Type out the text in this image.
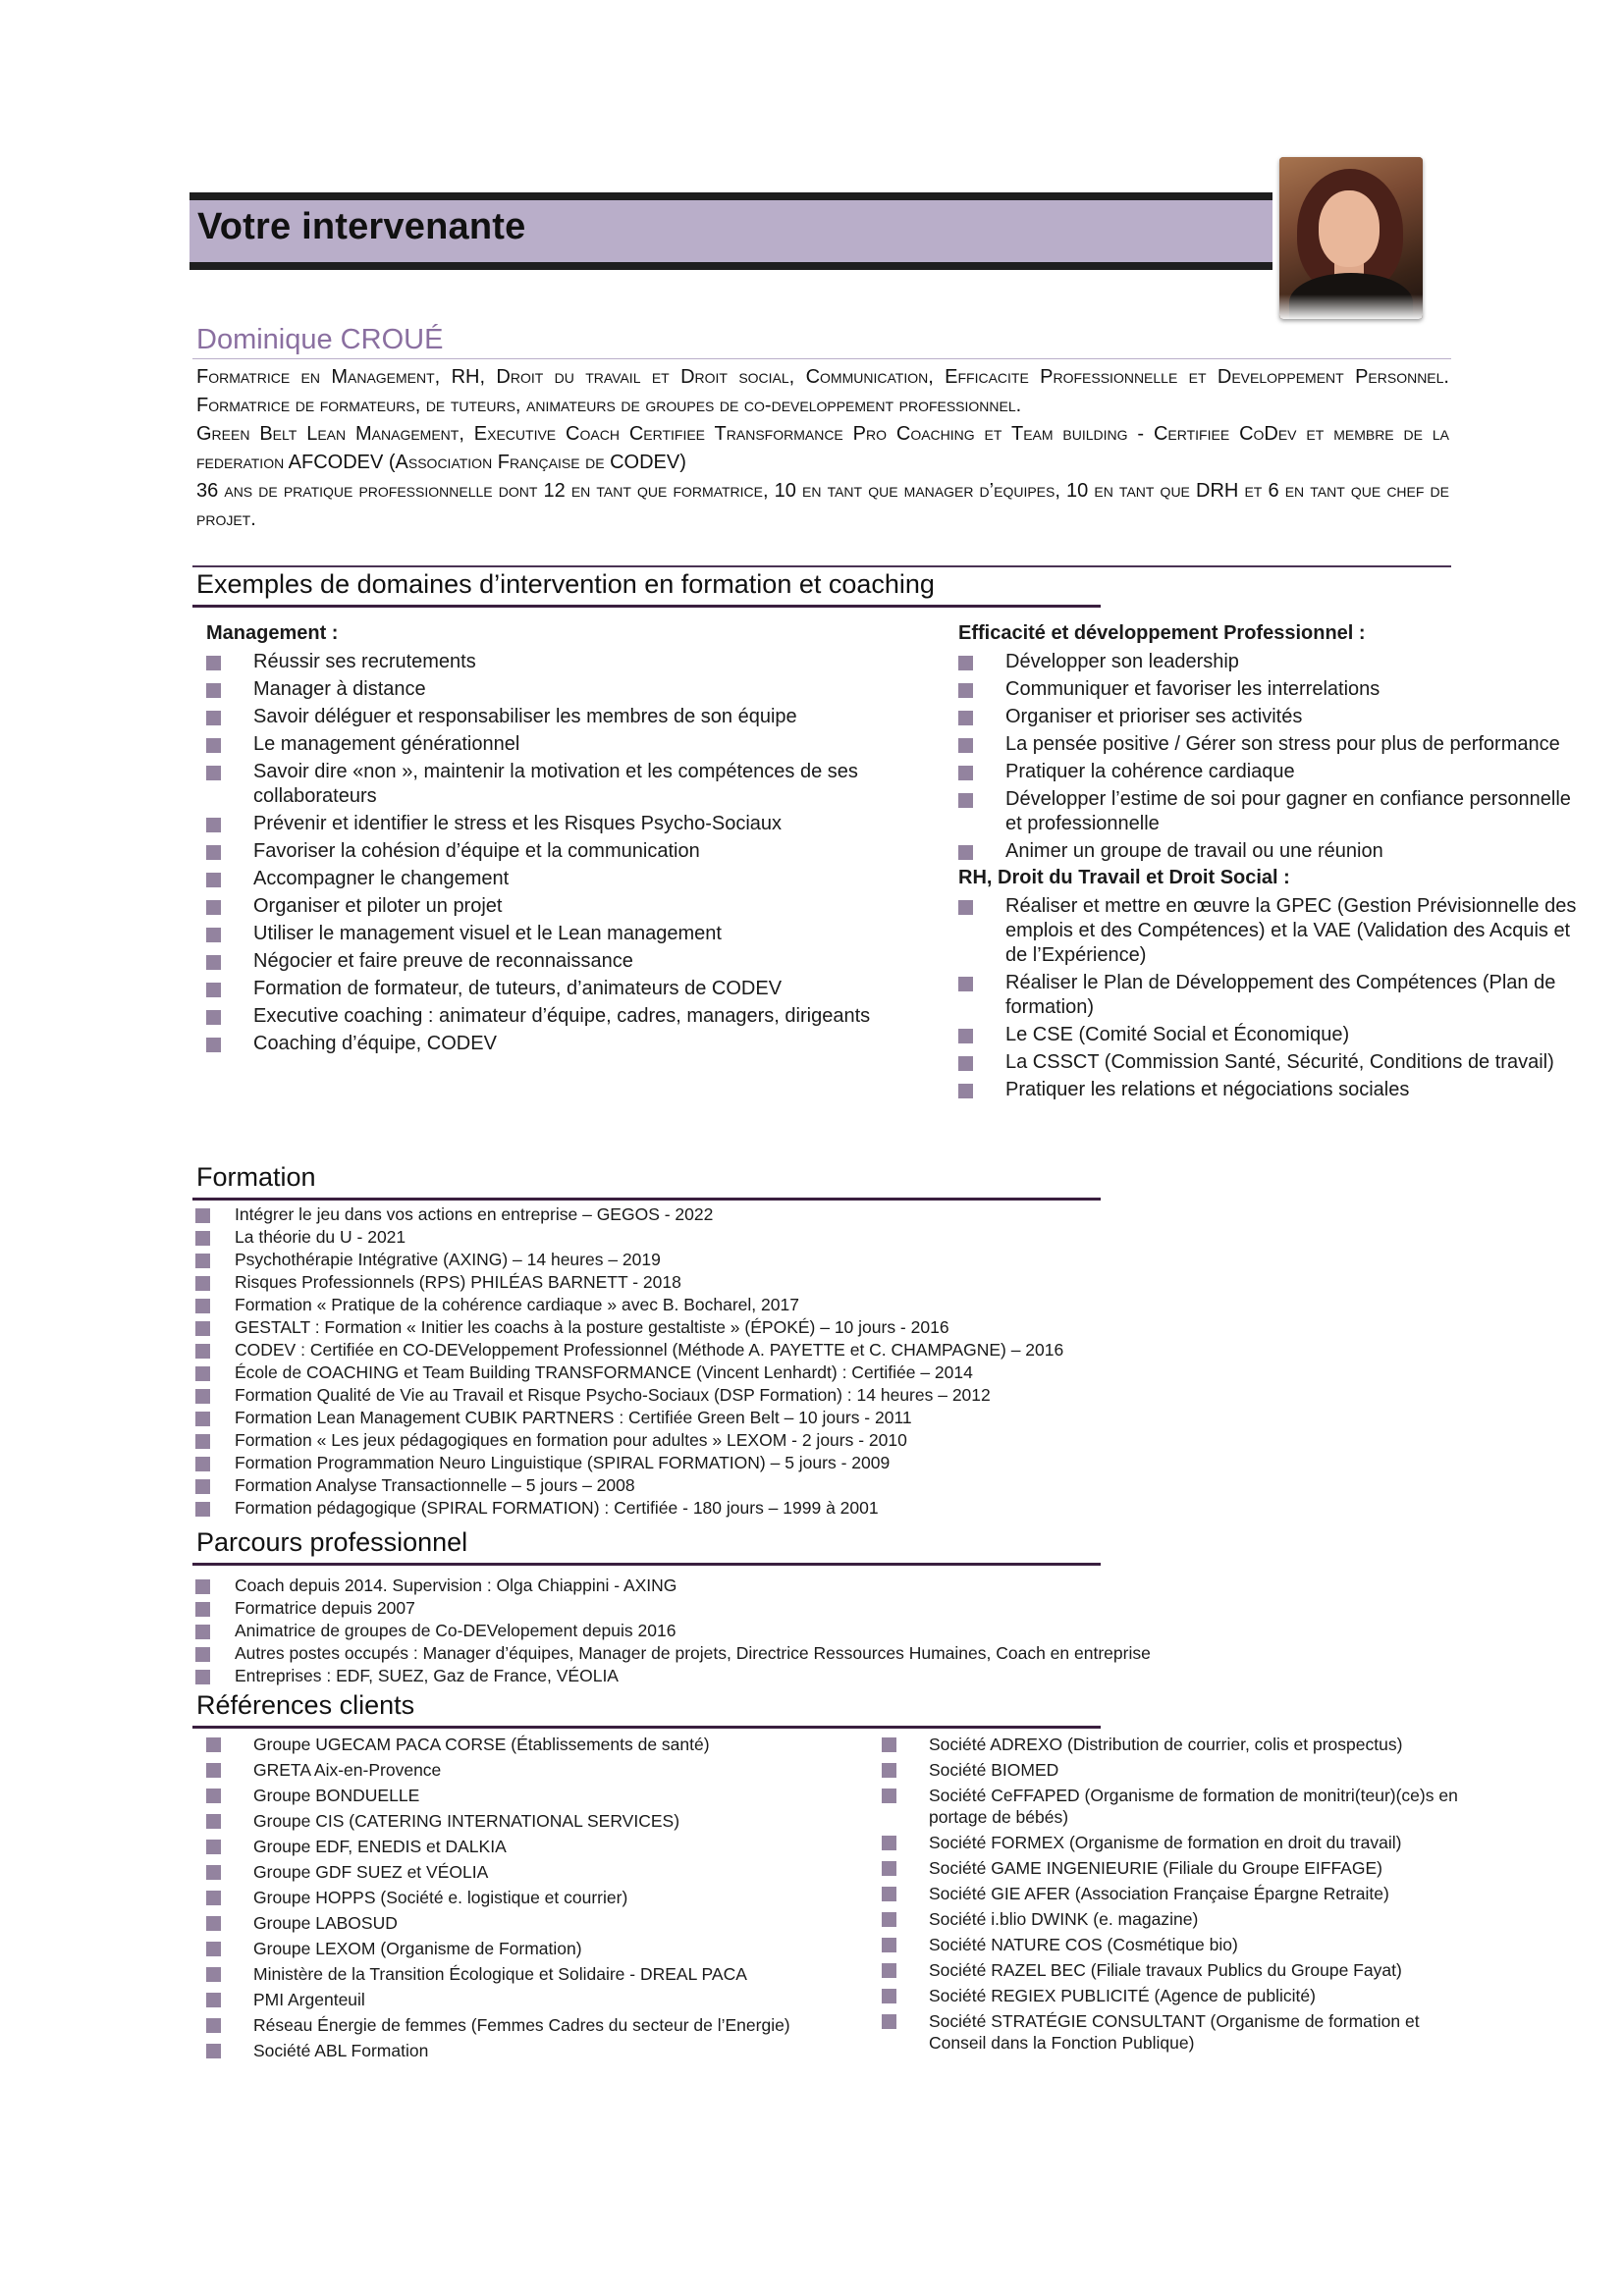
Votre intervenante
Dominique CROUÉ

Formatrice en Management, RH, Droit du travail et Droit social, Communication, Efficacite Professionnelle et Developpement Personnel. Formatrice de formateurs, de tuteurs, animateurs de groupes de co-developpement professionnel.

Green Belt Lean Management, Executive Coach Certifiee Transformance Pro Coaching et Team building - Certifiee CoDev et membre de la federation AFCODEV (Association Française de CODEV)

36 ans de pratique professionnelle dont 12 en tant que formatrice, 10 en tant que manager d’equipes, 10 en tant que DRH et 6 en tant que chef de projet.

Exemples de domaines d’intervention en formation et coaching
Management :
Réussir ses recrutements
Manager à distance
Savoir déléguer et responsabiliser les membres de son équipe
Le management générationnel
Savoir dire «non », maintenir la motivation et les compétences de ses collaborateurs
Prévenir et identifier le stress et les Risques Psycho-Sociaux
Favoriser la cohésion d’équipe et la communication
Accompagner le changement
Organiser et piloter un projet
Utiliser le management visuel et le Lean management
Négocier et faire preuve de reconnaissance
Formation de formateur, de tuteurs, d’animateurs de CODEV
Executive coaching : animateur d’équipe, cadres, managers, dirigeants
Coaching d’équipe, CODEV
Efficacité et développement Professionnel :
Développer son leadership
Communiquer et favoriser les interrelations
Organiser et prioriser ses activités
La pensée positive / Gérer son stress pour plus de performance
Pratiquer la cohérence cardiaque
Développer l’estime de soi pour gagner en confiance personnelle et professionnelle
Animer un groupe de travail ou une réunion
RH, Droit du Travail et Droit Social :
Réaliser et mettre en œuvre la GPEC (Gestion Prévisionnelle des emplois et des Compétences) et la VAE (Validation des Acquis et de l’Expérience)
Réaliser le Plan de Développement des Compétences (Plan de formation)
Le CSE (Comité Social et Économique)
La CSSCT (Commission Santé, Sécurité, Conditions de travail)
Pratiquer les relations et négociations sociales
Formation
Intégrer le jeu dans vos actions en entreprise – GEGOS - 2022
La théorie du U - 2021
Psychothérapie Intégrative (AXING) – 14 heures – 2019
Risques Professionnels (RPS) PHILÉAS BARNETT - 2018
Formation « Pratique de la cohérence cardiaque » avec B. Bocharel, 2017
GESTALT : Formation « Initier les coachs à la posture gestaltiste » (ÉPOKÉ) – 10 jours - 2016
CODEV : Certifiée en CO-DEVeloppement Professionnel (Méthode A. PAYETTE et C. CHAMPAGNE) – 2016
École de COACHING et Team Building TRANSFORMANCE (Vincent Lenhardt) : Certifiée – 2014
Formation Qualité de Vie au Travail et Risque Psycho-Sociaux (DSP Formation) : 14 heures – 2012
Formation Lean Management CUBIK PARTNERS : Certifiée Green Belt – 10 jours - 2011
Formation « Les jeux pédagogiques en formation pour adultes » LEXOM - 2 jours - 2010
Formation Programmation Neuro Linguistique (SPIRAL FORMATION) – 5 jours - 2009
Formation Analyse Transactionnelle – 5 jours – 2008
Formation pédagogique (SPIRAL FORMATION) : Certifiée - 180 jours – 1999 à 2001
Parcours professionnel
Coach depuis 2014. Supervision : Olga Chiappini - AXING
Formatrice depuis 2007
Animatrice de groupes de Co-DEVelopement depuis 2016
Autres postes occupés : Manager d’équipes, Manager de projets, Directrice Ressources Humaines, Coach en entreprise
Entreprises : EDF, SUEZ, Gaz de France, VÉOLIA
Références clients
Groupe UGECAM PACA CORSE (Établissements de santé)
GRETA Aix-en-Provence
Groupe BONDUELLE
Groupe CIS (CATERING INTERNATIONAL SERVICES)
Groupe EDF, ENEDIS et DALKIA
Groupe GDF SUEZ et VÉOLIA
Groupe HOPPS (Société e. logistique et courrier)
Groupe LABOSUD
Groupe LEXOM (Organisme de Formation)
Ministère de la Transition Écologique et Solidaire - DREAL PACA
PMI Argenteuil
Réseau Énergie de femmes (Femmes Cadres du secteur de l’Energie)
Société ABL Formation
Société ADREXO (Distribution de courrier, colis et prospectus)
Société BIOMED
Société CeFFAPED (Organisme de formation de monitri(teur)(ce)s en portage de bébés)
Société FORMEX (Organisme de formation en droit du travail)
Société GAME INGENIEURIE (Filiale du Groupe EIFFAGE)
Société GIE AFER (Association Française Épargne Retraite)
Société i.blio DWINK (e. magazine)
Société NATURE COS (Cosmétique bio)
Société RAZEL BEC (Filiale travaux Publics du Groupe Fayat)
Société REGIEX PUBLICITÉ (Agence de publicité)
Société STRATÉGIE CONSULTANT (Organisme de formation et Conseil dans la Fonction Publique)
